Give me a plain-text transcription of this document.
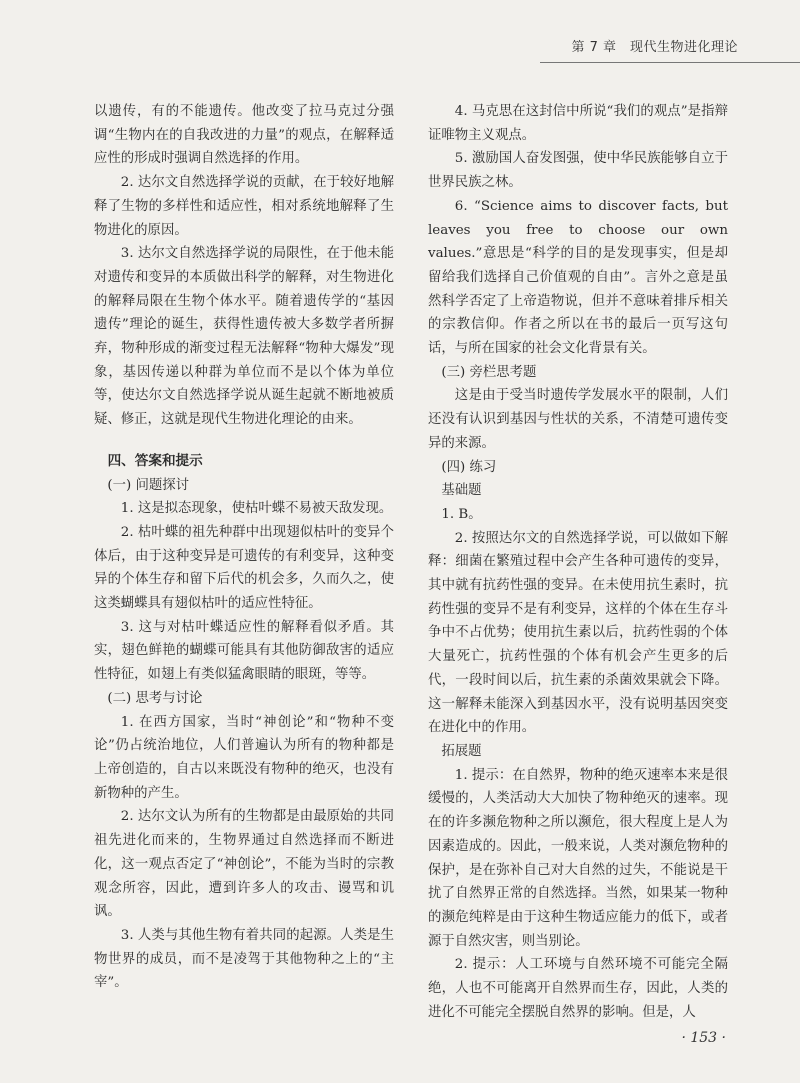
第 7 章　现代生物进化理论

以遗传，有的不能遗传。他改变了拉马克过分强调“生物内在的自我改进的力量”的观点，在解释适应性的形成时强调自然选择的作用。

2. 达尔文自然选择学说的贡献，在于较好地解释了生物的多样性和适应性，相对系统地解释了生物进化的原因。

3. 达尔文自然选择学说的局限性，在于他未能对遗传和变异的本质做出科学的解释，对生物进化的解释局限在生物个体水平。随着遗传学的“基因遗传”理论的诞生，获得性遗传被大多数学者所摒弃，物种形成的渐变过程无法解释“物种大爆发”现象，基因传递以种群为单位而不是以个体为单位等，使达尔文自然选择学说从诞生起就不断地被质疑、修正，这就是现代生物进化理论的由来。

四、答案和提示

(一) 问题探讨

1. 这是拟态现象，使枯叶蝶不易被天敌发现。

2. 枯叶蝶的祖先种群中出现翅似枯叶的变异个体后，由于这种变异是可遗传的有利变异，这种变异的个体生存和留下后代的机会多，久而久之，使这类蝴蝶具有翅似枯叶的适应性特征。

3. 这与对枯叶蝶适应性的解释看似矛盾。其实，翅色鲜艳的蝴蝶可能具有其他防御敌害的适应性特征，如翅上有类似猛禽眼睛的眼斑，等等。

(二) 思考与讨论

1. 在西方国家，当时“神创论”和“物种不变论”仍占统治地位，人们普遍认为所有的物种都是上帝创造的，自古以来既没有物种的绝灭，也没有新物种的产生。

2. 达尔文认为所有的生物都是由最原始的共同祖先进化而来的，生物界通过自然选择而不断进化，这一观点否定了“神创论”，不能为当时的宗教观念所容，因此，遭到许多人的攻击、谩骂和讥讽。

3. 人类与其他生物有着共同的起源。人类是生物世界的成员，而不是凌驾于其他物种之上的“主宰”。

4. 马克思在这封信中所说“我们的观点”是指辩证唯物主义观点。

5. 激励国人奋发图强，使中华民族能够自立于世界民族之林。

6. “Science aims to discover facts, but leaves you free to choose our own values.”意思是“科学的目的是发现事实，但是却留给我们选择自己价值观的自由”。言外之意是虽然科学否定了上帝造物说，但并不意味着排斥相关的宗教信仰。作者之所以在书的最后一页写这句话，与所在国家的社会文化背景有关。

(三) 旁栏思考题

这是由于受当时遗传学发展水平的限制，人们还没有认识到基因与性状的关系，不清楚可遗传变异的来源。

(四) 练习

基础题

1. B。

2. 按照达尔文的自然选择学说，可以做如下解释：细菌在繁殖过程中会产生各种可遗传的变异，其中就有抗药性强的变异。在未使用抗生素时，抗药性强的变异不是有利变异，这样的个体在生存斗争中不占优势；使用抗生素以后，抗药性弱的个体大量死亡，抗药性强的个体有机会产生更多的后代，一段时间以后，抗生素的杀菌效果就会下降。这一解释未能深入到基因水平，没有说明基因突变在进化中的作用。

拓展题

1. 提示：在自然界，物种的绝灭速率本来是很缓慢的，人类活动大大加快了物种绝灭的速率。现在的许多濒危物种之所以濒危，很大程度上是人为因素造成的。因此，一般来说，人类对濒危物种的保护，是在弥补自己对大自然的过失，不能说是干扰了自然界正常的自然选择。当然，如果某一物种的濒危纯粹是由于这种生物适应能力的低下，或者源于自然灾害，则当别论。

2. 提示：人工环境与自然环境不可能完全隔绝，人也不可能离开自然界而生存，因此，人类的进化不可能完全摆脱自然界的影响。但是，人

· 153 ·
